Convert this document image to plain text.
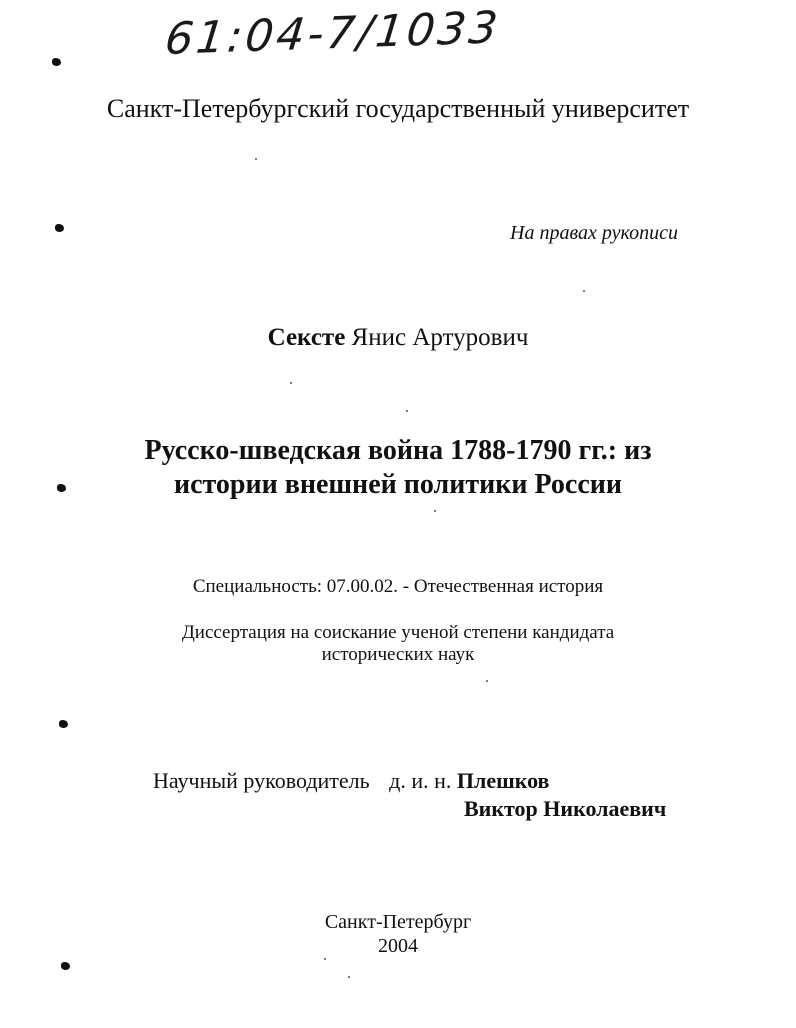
61:04-7/1033
Санкт-Петербургский государственный университет
На правах рукописи
Сексте Янис Артурович
Русско-шведская война 1788-1790 гг.: из
истории внешней политики России
Специальность: 07.00.02. - Отечественная история
Диссертация на соискание ученой степени кандидата
исторических наук
Научный руководитель д. и. н. Плешков
Виктор Николаевич
Санкт-Петербург
2004
